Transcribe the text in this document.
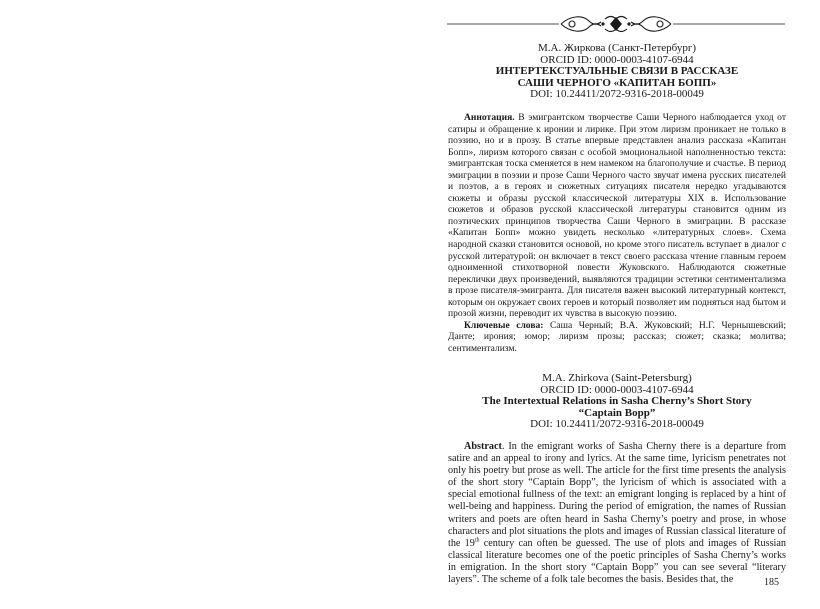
М.А. Жиркова (Санкт-Петербург)
ORCID ID: 0000-0003-4107-6944
ИНТЕРТЕКСТУАЛЬНЫЕ СВЯЗИ В РАССКАЗЕ
САШИ ЧЕРНОГО «КАПИТАН БОПП»
DOI: 10.24411/2072-9316-2018-00049

Аннотация. В эмигрантском творчестве Саши Черного наблюдается уход от сатиры и обращение к иронии и лирике. При этом лиризм проникает не только в поэзию, но и в прозу. В статье впервые представлен анализ рассказа «Капитан Бопп», лиризм которого связан с особой эмоциональной наполненностью текста: эмигрантская тоска сменяется в нем намеком на благополучие и счастье. В период эмиграции в поэзии и прозе Саши Черного часто звучат имена русских писателей и поэтов, а в героях и сюжетных ситуациях писателя нередко угадываются сюжеты и образы русской классической литературы XIX в. Использование сюжетов и образов русской классической литературы становится одним из поэтических принципов творчества Саши Черного в эмиграции. В рассказе «Капитан Бопп» можно увидеть несколько «литературных слоев». Схема народной сказки становится основой, но кроме этого писатель вступает в диалог с русской литературой: он включает в текст своего рассказа чтение главным героем одноименной стихотворной повести Жуковского. Наблюдаются сюжетные переклички двух произведений, выявляются традиции эстетики сентиментализма в прозе писателя-эмигранта. Для писателя важен высокий литературный контекст, которым он окружает своих героев и который позволяет им подняться над бытом и прозой жизни, переводит их чувства в высокую поэзию.

Ключевые слова: Саша Черный; В.А. Жуковский; Н.Г. Чернышевский; Данте; ирония; юмор; лиризм прозы; рассказ; сюжет; сказка; молитва; сентиментализм.

M.A. Zhirkova (Saint-Petersburg)
ORCID ID: 0000-0003-4107-6944
The Intertextual Relations in Sasha Cherny’s Short Story
“Captain Bopp”
DOI: 10.24411/2072-9316-2018-00049

Abstract. In the emigrant works of Sasha Cherny there is a departure from satire and an appeal to irony and lyrics. At the same time, lyricism penetrates not only his poetry but prose as well. The article for the first time presents the analysis of the short story “Captain Bopp”, the lyricism of which is associated with a special emotional fullness of the text: an emigrant longing is replaced by a hint of well-being and happiness. During the period of emigration, the names of Russian writers and poets are often heard in Sasha Cherny’s poetry and prose, in whose characters and plot situations the plots and images of Russian classical literature of the 19th century can often be guessed. The use of plots and images of Russian classical literature becomes one of the poetic principles of Sasha Cherny’s works in emigration. In the short story “Captain Bopp” you can see several “literary layers”. The scheme of a folk tale becomes the basis. Besides that, the	185
